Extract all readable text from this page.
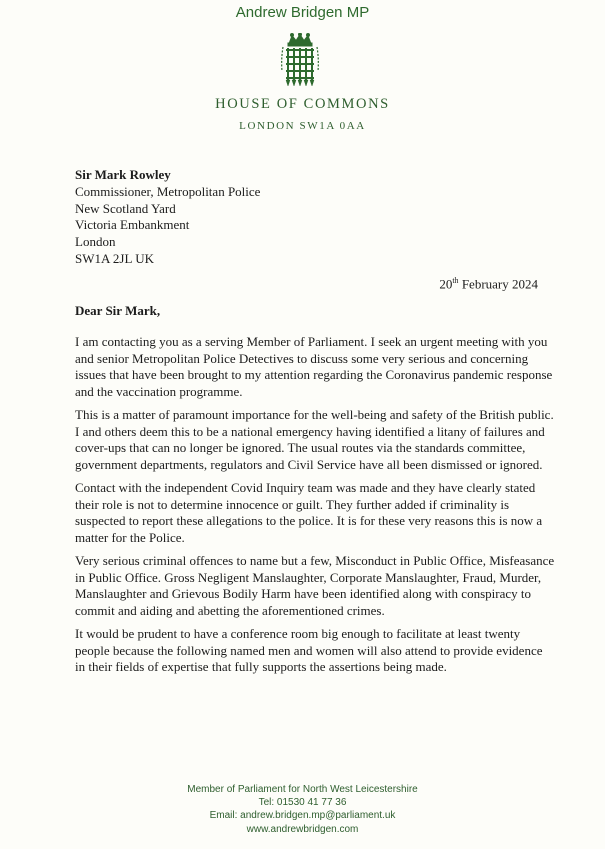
Andrew Bridgen MP
HOUSE OF COMMONS
LONDON SW1A 0AA
Sir Mark Rowley
Commissioner, Metropolitan Police
New Scotland Yard
Victoria Embankment
London
SW1A 2JL UK
20th February 2024
Dear Sir Mark,

I am contacting you as a serving Member of Parliament. I seek an urgent meeting with you and senior Metropolitan Police Detectives to discuss some very serious and concerning issues that have been brought to my attention regarding the Coronavirus pandemic response and the vaccination programme.

This is a matter of paramount importance for the well-being and safety of the British public. I and others deem this to be a national emergency having identified a litany of failures and cover-ups that can no longer be ignored. The usual routes via the standards committee, government departments, regulators and Civil Service have all been dismissed or ignored.

Contact with the independent Covid Inquiry team was made and they have clearly stated their role is not to determine innocence or guilt. They further added if criminality is suspected to report these allegations to the police. It is for these very reasons this is now a matter for the Police.

Very serious criminal offences to name but a few, Misconduct in Public Office, Misfeasance in Public Office. Gross Negligent Manslaughter, Corporate Manslaughter, Fraud, Murder, Manslaughter and Grievous Bodily Harm have been identified along with conspiracy to commit and aiding and abetting the aforementioned crimes.

It would be prudent to have a conference room big enough to facilitate at least twenty people because the following named men and women will also attend to provide evidence in their fields of expertise that fully supports the assertions being made.

Member of Parliament for North West Leicestershire
Tel: 01530 41 77 36
Email: andrew.bridgen.mp@parliament.uk
www.andrewbridgen.com
